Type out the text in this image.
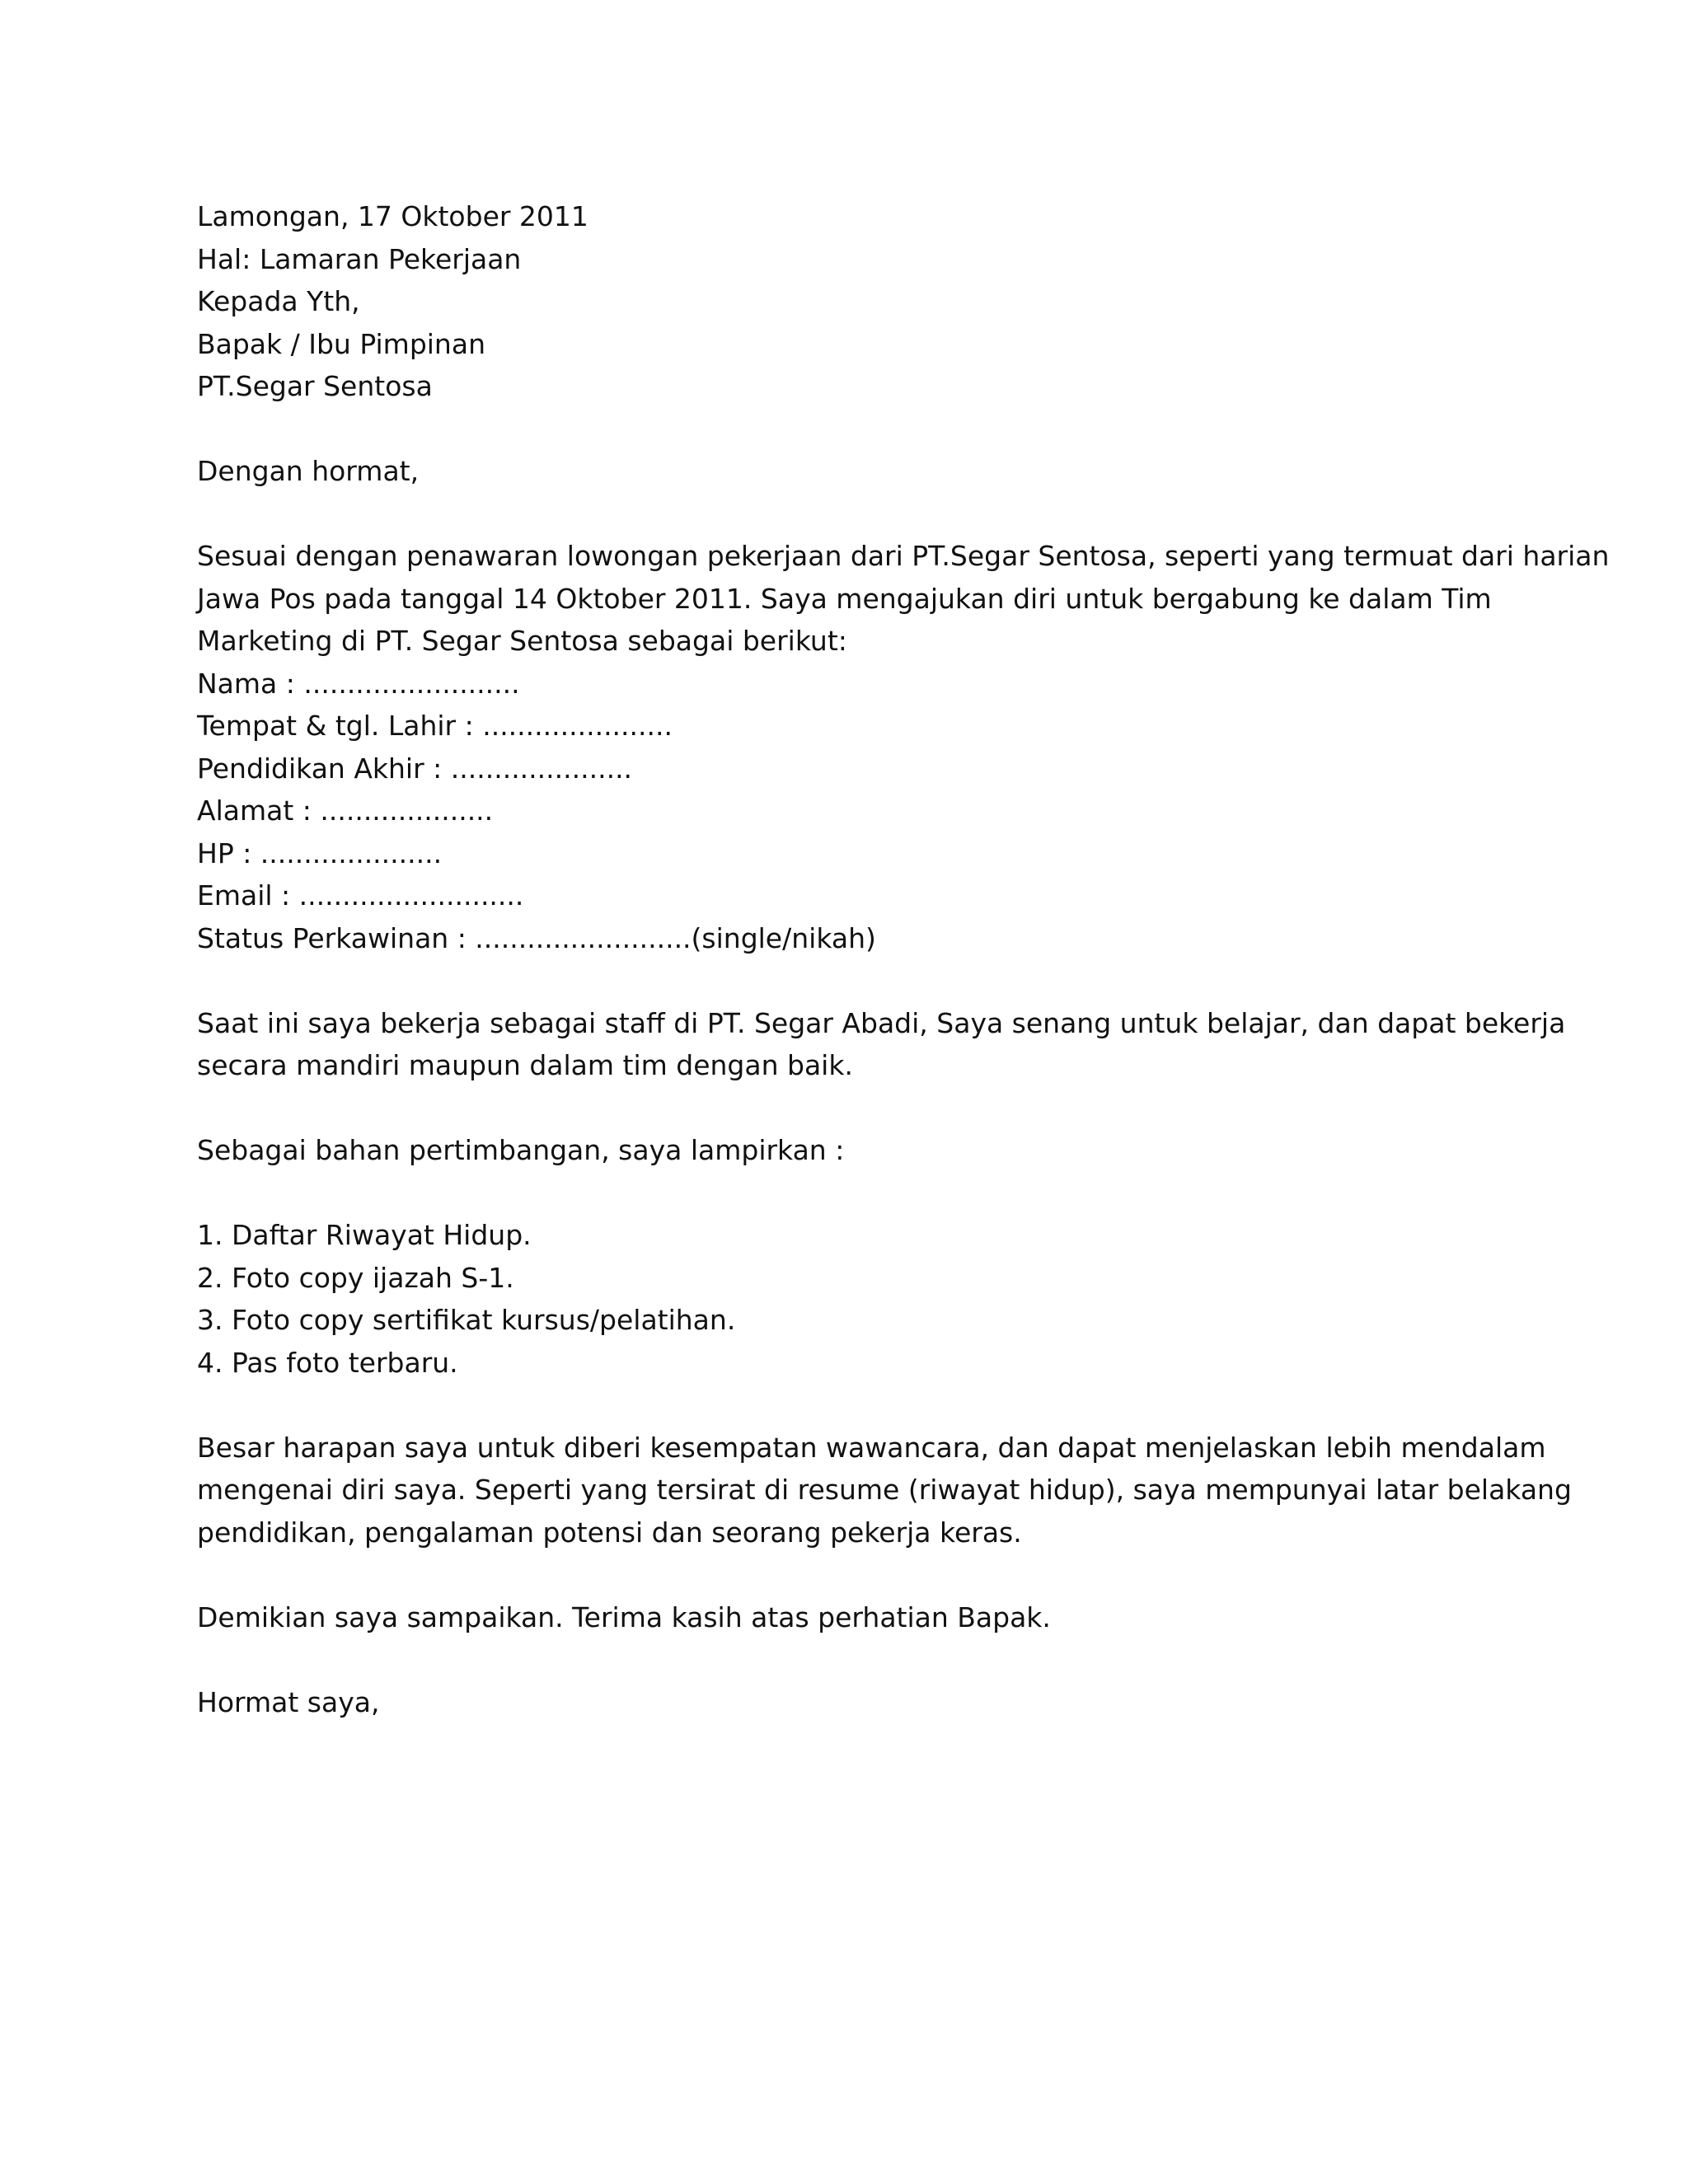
Lamongan, 17 Oktober 2011
Hal: Lamaran Pekerjaan
Kepada Yth,
Bapak / Ibu Pimpinan
PT.Segar Sentosa
Dengan hormat,
Sesuai dengan penawaran lowongan pekerjaan dari PT.Segar Sentosa, seperti yang termuat dari harian
Jawa Pos pada tanggal 14 Oktober 2011. Saya mengajukan diri untuk bergabung ke dalam Tim
Marketing di PT. Segar Sentosa sebagai berikut:
Nama : .........................
Tempat & tgl. Lahir : ......................
Pendidikan Akhir : .....................
Alamat : ....................
HP : .....................
Email : ..........................
Status Perkawinan : .........................(single/nikah)
Saat ini saya bekerja sebagai staff di PT. Segar Abadi, Saya senang untuk belajar, dan dapat bekerja
secara mandiri maupun dalam tim dengan baik.
Sebagai bahan pertimbangan, saya lampirkan :
1. Daftar Riwayat Hidup.
2. Foto copy ijazah S-1.
3. Foto copy sertifikat kursus/pelatihan.
4. Pas foto terbaru.
Besar harapan saya untuk diberi kesempatan wawancara, dan dapat menjelaskan lebih mendalam
mengenai diri saya. Seperti yang tersirat di resume (riwayat hidup), saya mempunyai latar belakang
pendidikan, pengalaman potensi dan seorang pekerja keras.
Demikian saya sampaikan. Terima kasih atas perhatian Bapak.
Hormat saya,
